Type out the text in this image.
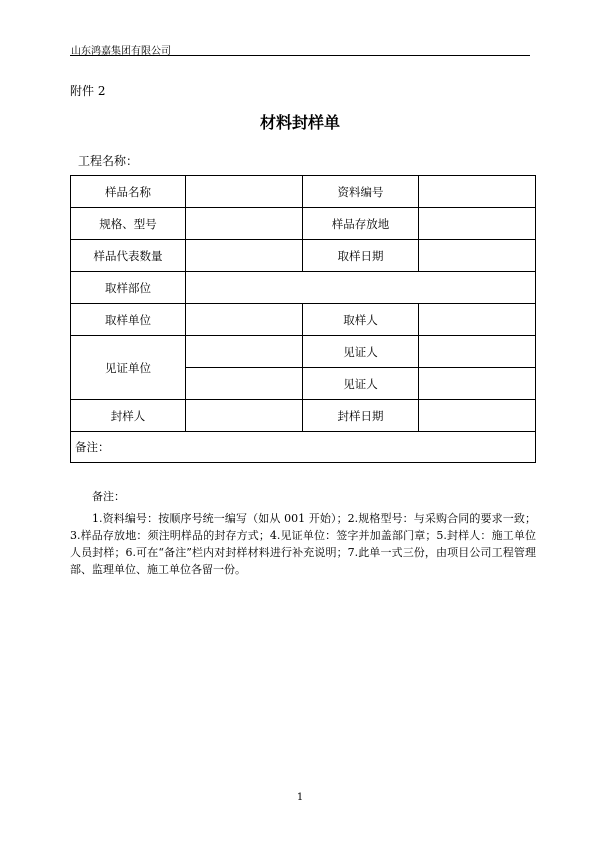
山东鸿嘉集团有限公司
附件 2
材料封样单
工程名称：
样品名称		资料编号	
规格、型号		样品存放地	
样品代表数量		取样日期	
取样部位			
取样单位		取样人	
见证单位		见证人	
		见证人	
封样人		封样日期	
备注：			
备注：
1.资料编号：按顺序号统一编写（如从 001 开始）；2.规格型号：与采购合同的要求一致；3.样品存放地：须注明样品的封存方式；4.见证单位：签字并加盖部门章；5.封样人：施工单位人员封样；6.可在“备注”栏内对封样材料进行补充说明；7.此单一式三份，由项目公司工程管理部、监理单位、施工单位各留一份。
1
